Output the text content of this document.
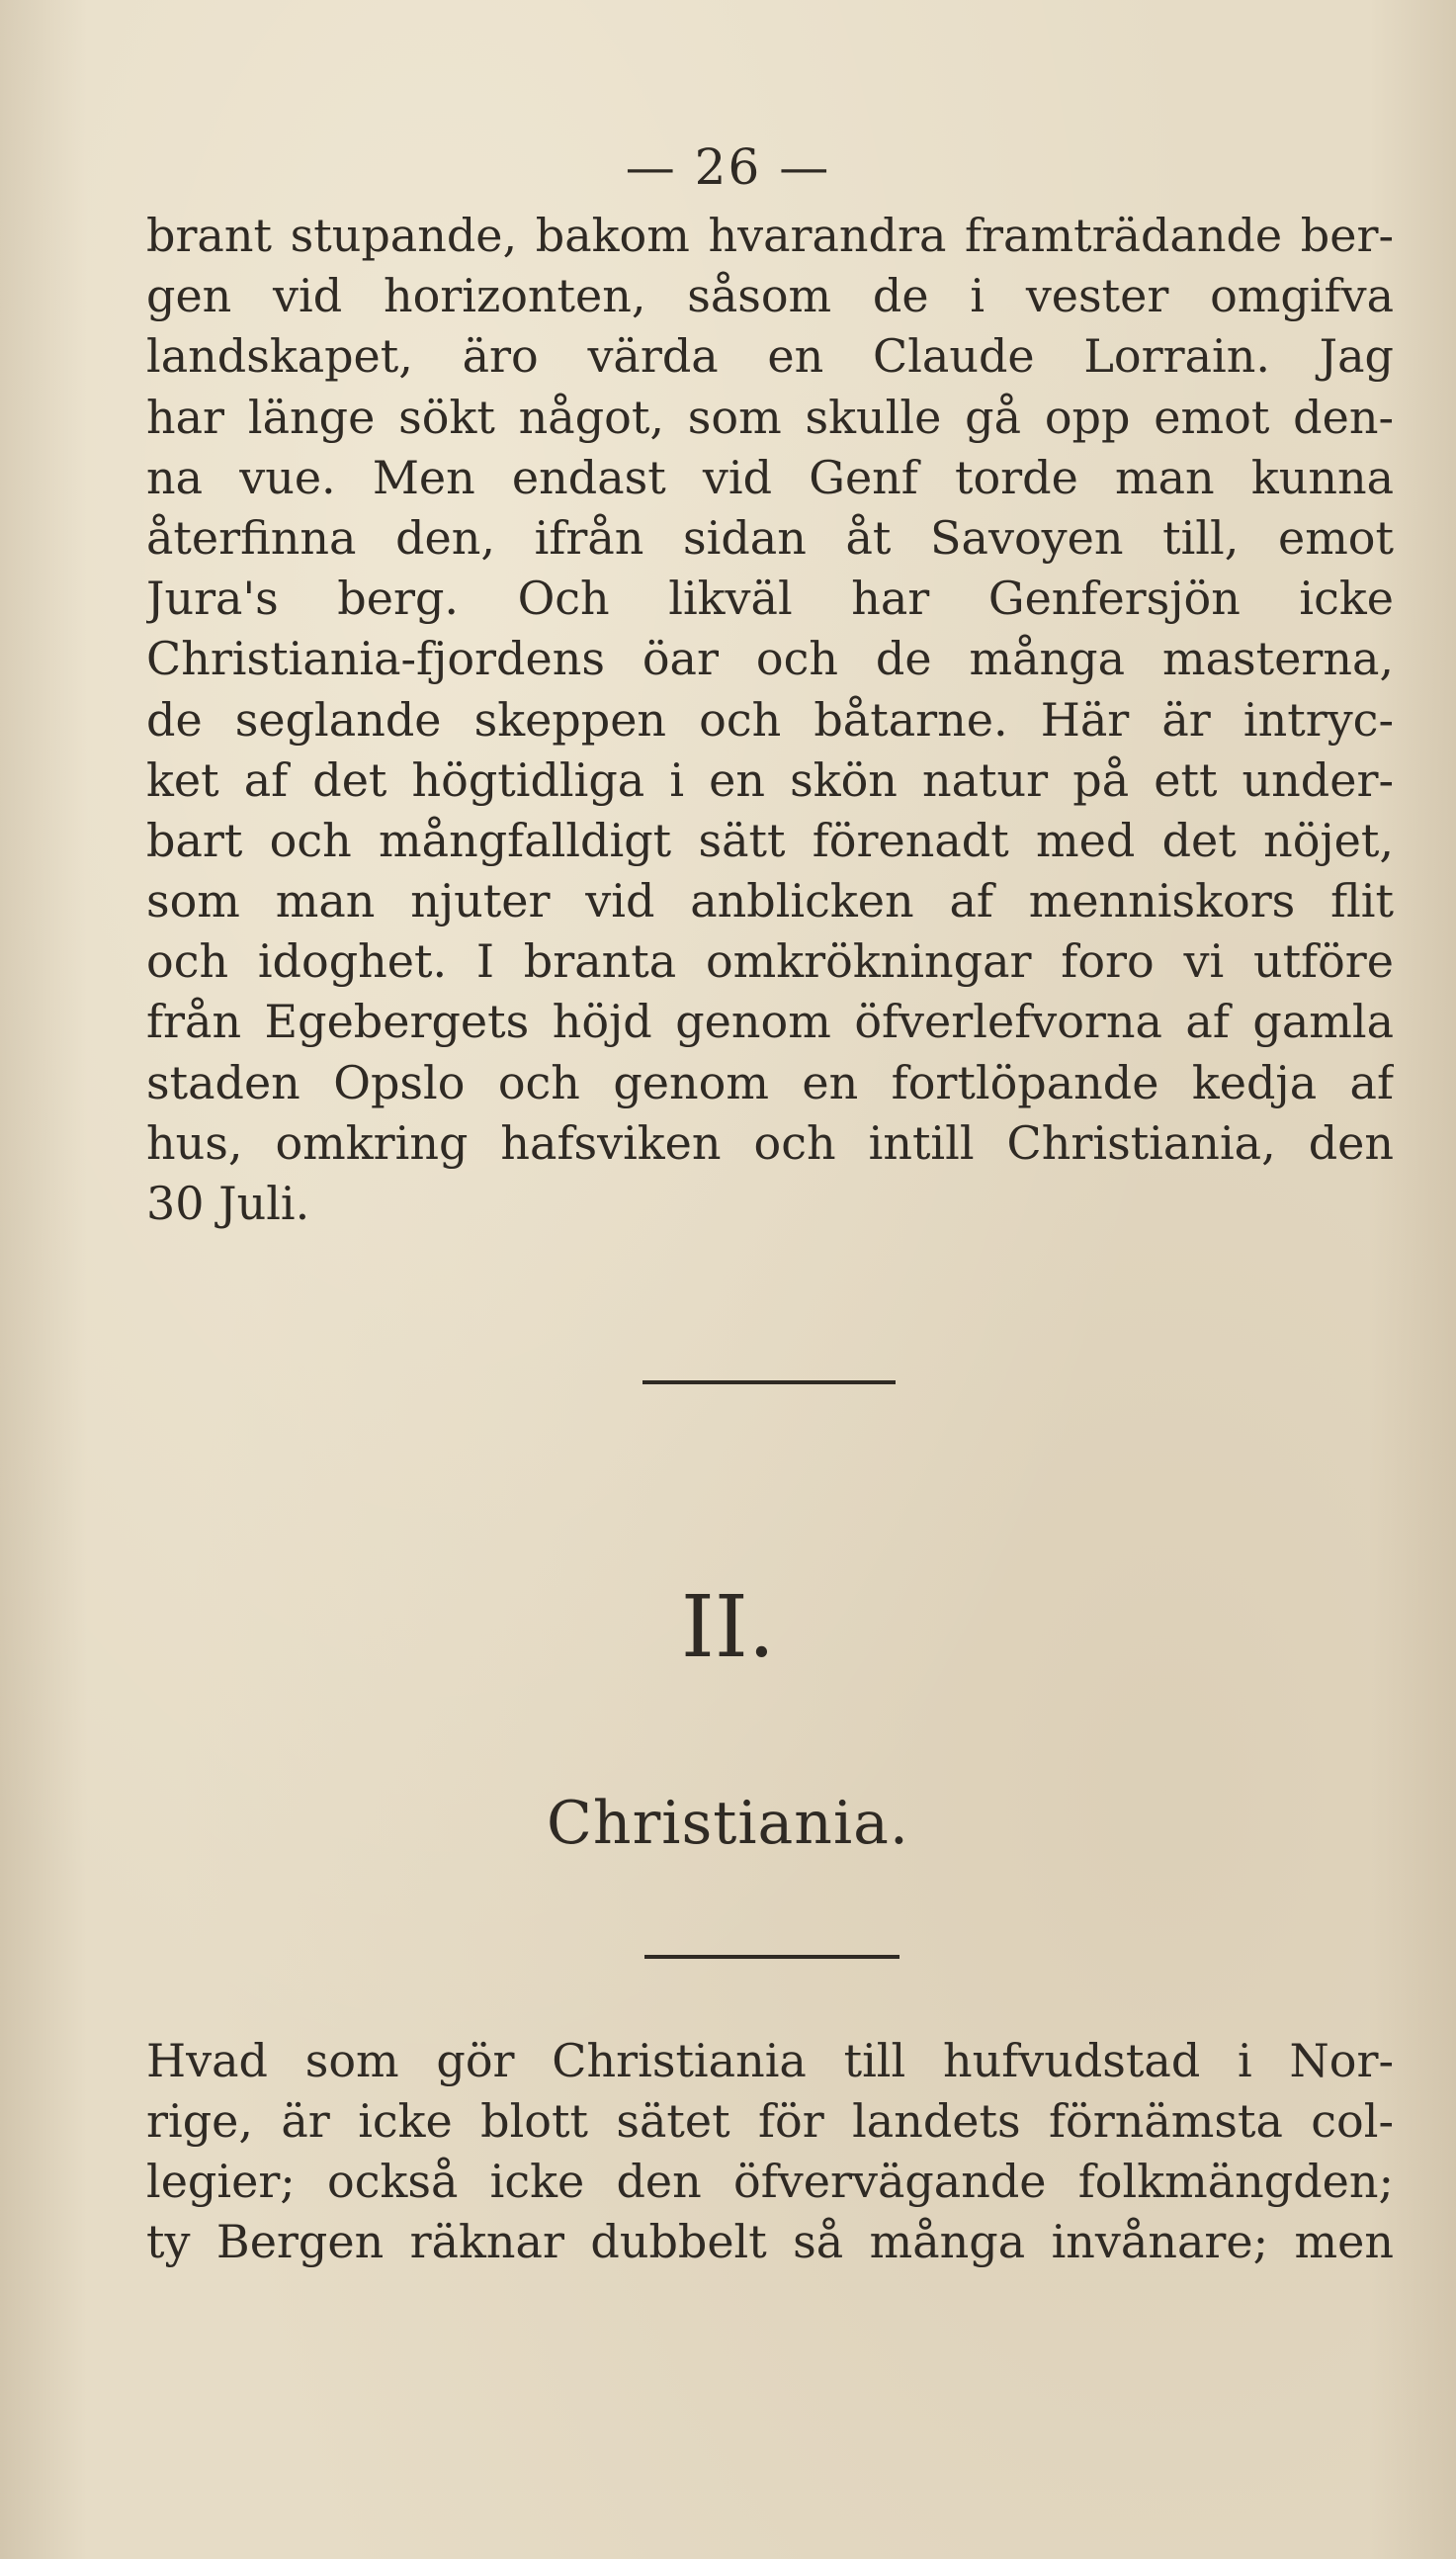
— 26 —
brant stupande, bakom hvarandra framträdande ber-
gen vid horizonten, såsom de i vester omgifva
landskapet, äro värda en Claude Lorrain. Jag
har länge sökt något, som skulle gå opp emot den-
na vue. Men endast vid Genf torde man kunna
återfinna den, ifrån sidan åt Savoyen till, emot
Jura's berg. Och likväl har Genfersjön icke
Christiania-fjordens öar och de många masterna,
de seglande skeppen och båtarne. Här är intryc-
ket af det högtidliga i en skön natur på ett under-
bart och mångfalldigt sätt förenadt med det nöjet,
som man njuter vid anblicken af menniskors flit
och idoghet. I branta omkrökningar foro vi utföre
från Egebergets höjd genom öfverlefvorna af gamla
staden Opslo och genom en fortlöpande kedja af
hus, omkring hafsviken och intill Christiania, den
30 Juli.
II.
Christiania.
Hvad som gör Christiania till hufvudstad i Nor-
rige, är icke blott sätet för landets förnämsta col-
legier; också icke den öfvervägande folkmängden;
ty Bergen räknar dubbelt så många invånare; men
